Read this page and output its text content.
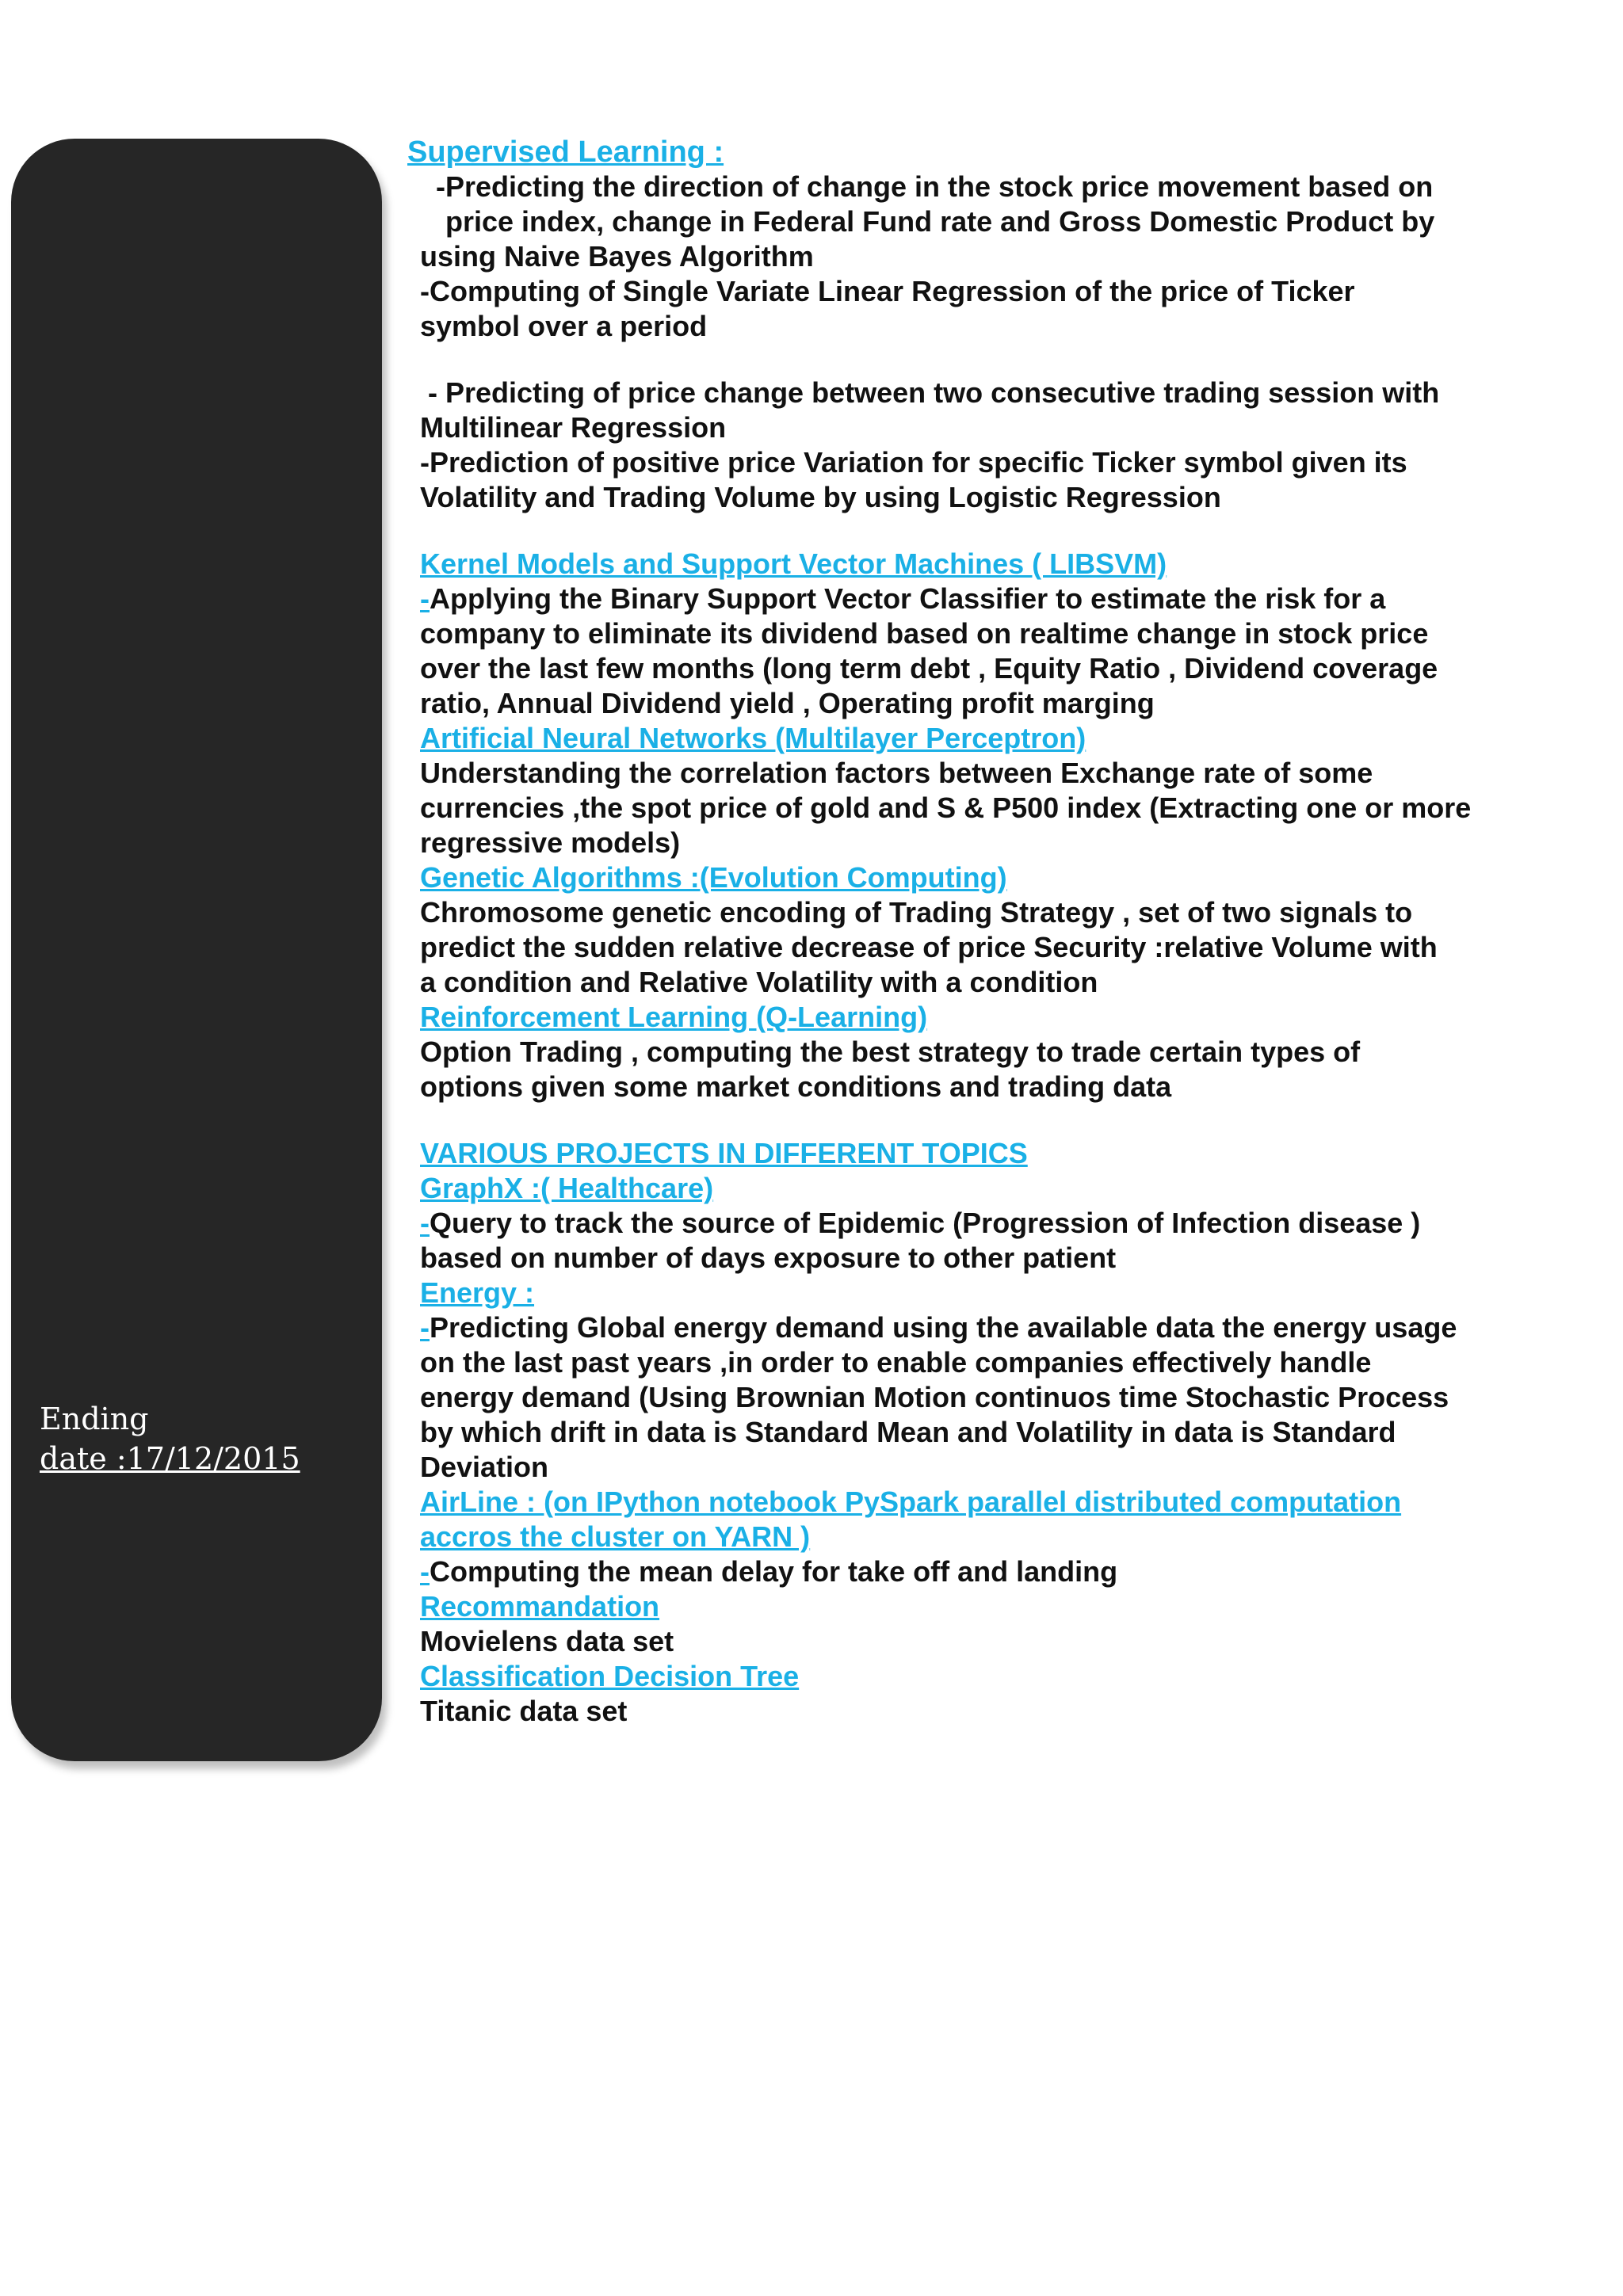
Ending
date :17/12/2015

Supervised Learning :

-Predicting the direction of change in the stock price movement based on

price index, change in Federal Fund rate and Gross Domestic Product by

using Naive Bayes Algorithm

-Computing of Single Variate Linear Regression of the price of Ticker

symbol over a period

- Predicting of price change between two consecutive trading session with

Multilinear Regression

-Prediction of positive price Variation for specific Ticker symbol given its

Volatility and Trading Volume by using Logistic Regression

Kernel Models and Support Vector Machines ( LIBSVM)

-Applying the Binary Support Vector Classifier to estimate the risk for a

company to eliminate its dividend based on realtime change in stock price

over the last few months (long term debt , Equity Ratio , Dividend coverage

ratio, Annual Dividend yield , Operating profit marging

Artificial Neural Networks (Multilayer Perceptron)

Understanding the correlation factors between Exchange rate of some

currencies ,the spot price of gold and S & P500 index (Extracting one or more

regressive models)

Genetic Algorithms :(Evolution Computing)

Chromosome genetic encoding of Trading Strategy , set of two signals to

predict the sudden relative decrease of price Security :relative Volume with

a condition and Relative Volatility with a condition

Reinforcement Learning (Q-Learning)

Option Trading , computing the best strategy to trade certain types of

options given some market conditions and trading data

VARIOUS PROJECTS IN DIFFERENT TOPICS

GraphX :( Healthcare)

-Query to track the source of Epidemic (Progression of Infection disease )

based on number of days exposure to other patient

Energy :

-Predicting Global energy demand using the available data the energy usage

on the last past years ,in order to enable companies effectively handle

energy demand (Using Brownian Motion continuos time Stochastic Process

by which drift in data is Standard Mean and Volatility in data is Standard

Deviation

AirLine : (on IPython notebook PySpark parallel distributed computation

accros the cluster on YARN )

-Computing the mean delay for take off and landing

Recommandation

Movielens data set

Classification Decision Tree

Titanic data set
